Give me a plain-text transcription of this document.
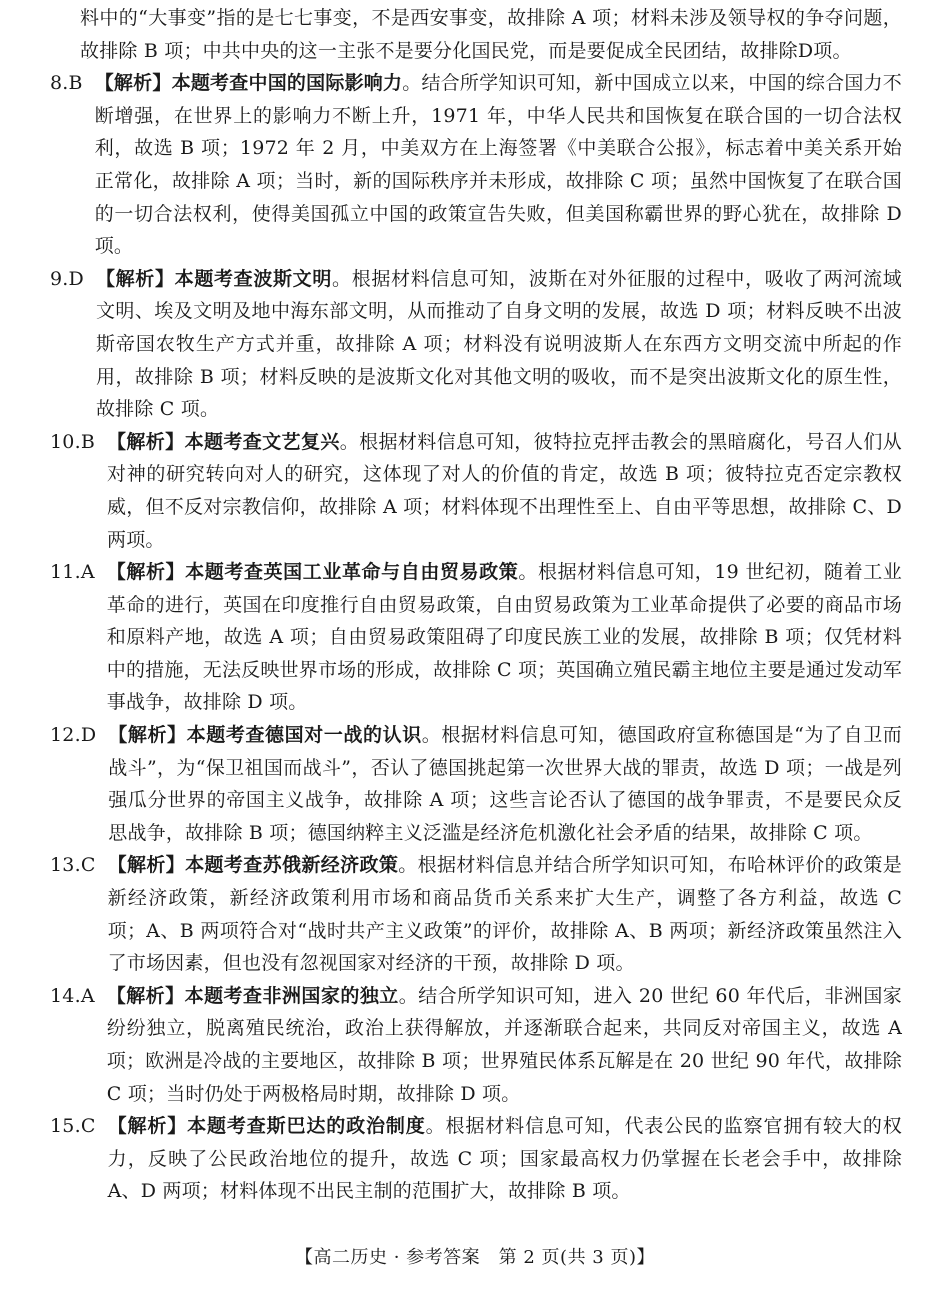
料中的“大事变”指的是七七事变，不是西安事变，故排除 A 项；材料未涉及领导权的争夺问题，故排除 B 项；中共中央的这一主张不是要分化国民党，而是要促成全民团结，故排除D项。
8.B 【解析】本题考查中国的国际影响力。结合所学知识可知，新中国成立以来，中国的综合国力不断增强，在世界上的影响力不断上升，1971 年，中华人民共和国恢复在联合国的一切合法权利，故选 B 项；1972 年 2 月，中美双方在上海签署《中美联合公报》，标志着中美关系开始正常化，故排除 A 项；当时，新的国际秩序并未形成，故排除 C 项；虽然中国恢复了在联合国的一切合法权利，使得美国孤立中国的政策宣告失败，但美国称霸世界的野心犹在，故排除 D 项。
9.D 【解析】本题考查波斯文明。根据材料信息可知，波斯在对外征服的过程中，吸收了两河流域文明、埃及文明及地中海东部文明，从而推动了自身文明的发展，故选 D 项；材料反映不出波斯帝国农牧生产方式并重，故排除 A 项；材料没有说明波斯人在东西方文明交流中所起的作用，故排除 B 项；材料反映的是波斯文化对其他文明的吸收，而不是突出波斯文化的原生性，故排除 C 项。
10.B 【解析】本题考查文艺复兴。根据材料信息可知，彼特拉克抨击教会的黑暗腐化，号召人们从对神的研究转向对人的研究，这体现了对人的价值的肯定，故选 B 项；彼特拉克否定宗教权威，但不反对宗教信仰，故排除 A 项；材料体现不出理性至上、自由平等思想，故排除 C、D 两项。
11.A 【解析】本题考查英国工业革命与自由贸易政策。根据材料信息可知，19 世纪初，随着工业革命的进行，英国在印度推行自由贸易政策，自由贸易政策为工业革命提供了必要的商品市场和原料产地，故选 A 项；自由贸易政策阻碍了印度民族工业的发展，故排除 B 项；仅凭材料中的措施，无法反映世界市场的形成，故排除 C 项；英国确立殖民霸主地位主要是通过发动军事战争，故排除 D 项。
12.D 【解析】本题考查德国对一战的认识。根据材料信息可知，德国政府宣称德国是“为了自卫而战斗”，为“保卫祖国而战斗”，否认了德国挑起第一次世界大战的罪责，故选 D 项；一战是列强瓜分世界的帝国主义战争，故排除 A 项；这些言论否认了德国的战争罪责，不是要民众反思战争，故排除 B 项；德国纳粹主义泛滥是经济危机激化社会矛盾的结果，故排除 C 项。
13.C 【解析】本题考查苏俄新经济政策。根据材料信息并结合所学知识可知，布哈林评价的政策是新经济政策，新经济政策利用市场和商品货币关系来扩大生产，调整了各方利益，故选 C 项；A、B 两项符合对“战时共产主义政策”的评价，故排除 A、B 两项；新经济政策虽然注入了市场因素，但也没有忽视国家对经济的干预，故排除 D 项。
14.A 【解析】本题考查非洲国家的独立。结合所学知识可知，进入 20 世纪 60 年代后，非洲国家纷纷独立，脱离殖民统治，政治上获得解放，并逐渐联合起来，共同反对帝国主义，故选 A 项；欧洲是冷战的主要地区，故排除 B 项；世界殖民体系瓦解是在 20 世纪 90 年代，故排除 C 项；当时仍处于两极格局时期，故排除 D 项。
15.C 【解析】本题考查斯巴达的政治制度。根据材料信息可知，代表公民的监察官拥有较大的权力，反映了公民政治地位的提升，故选 C 项；国家最高权力仍掌握在长老会手中，故排除 A、D 两项；材料体现不出民主制的范围扩大，故排除 B 项。
【高二历史 · 参考答案　第 2 页(共 3 页)】
